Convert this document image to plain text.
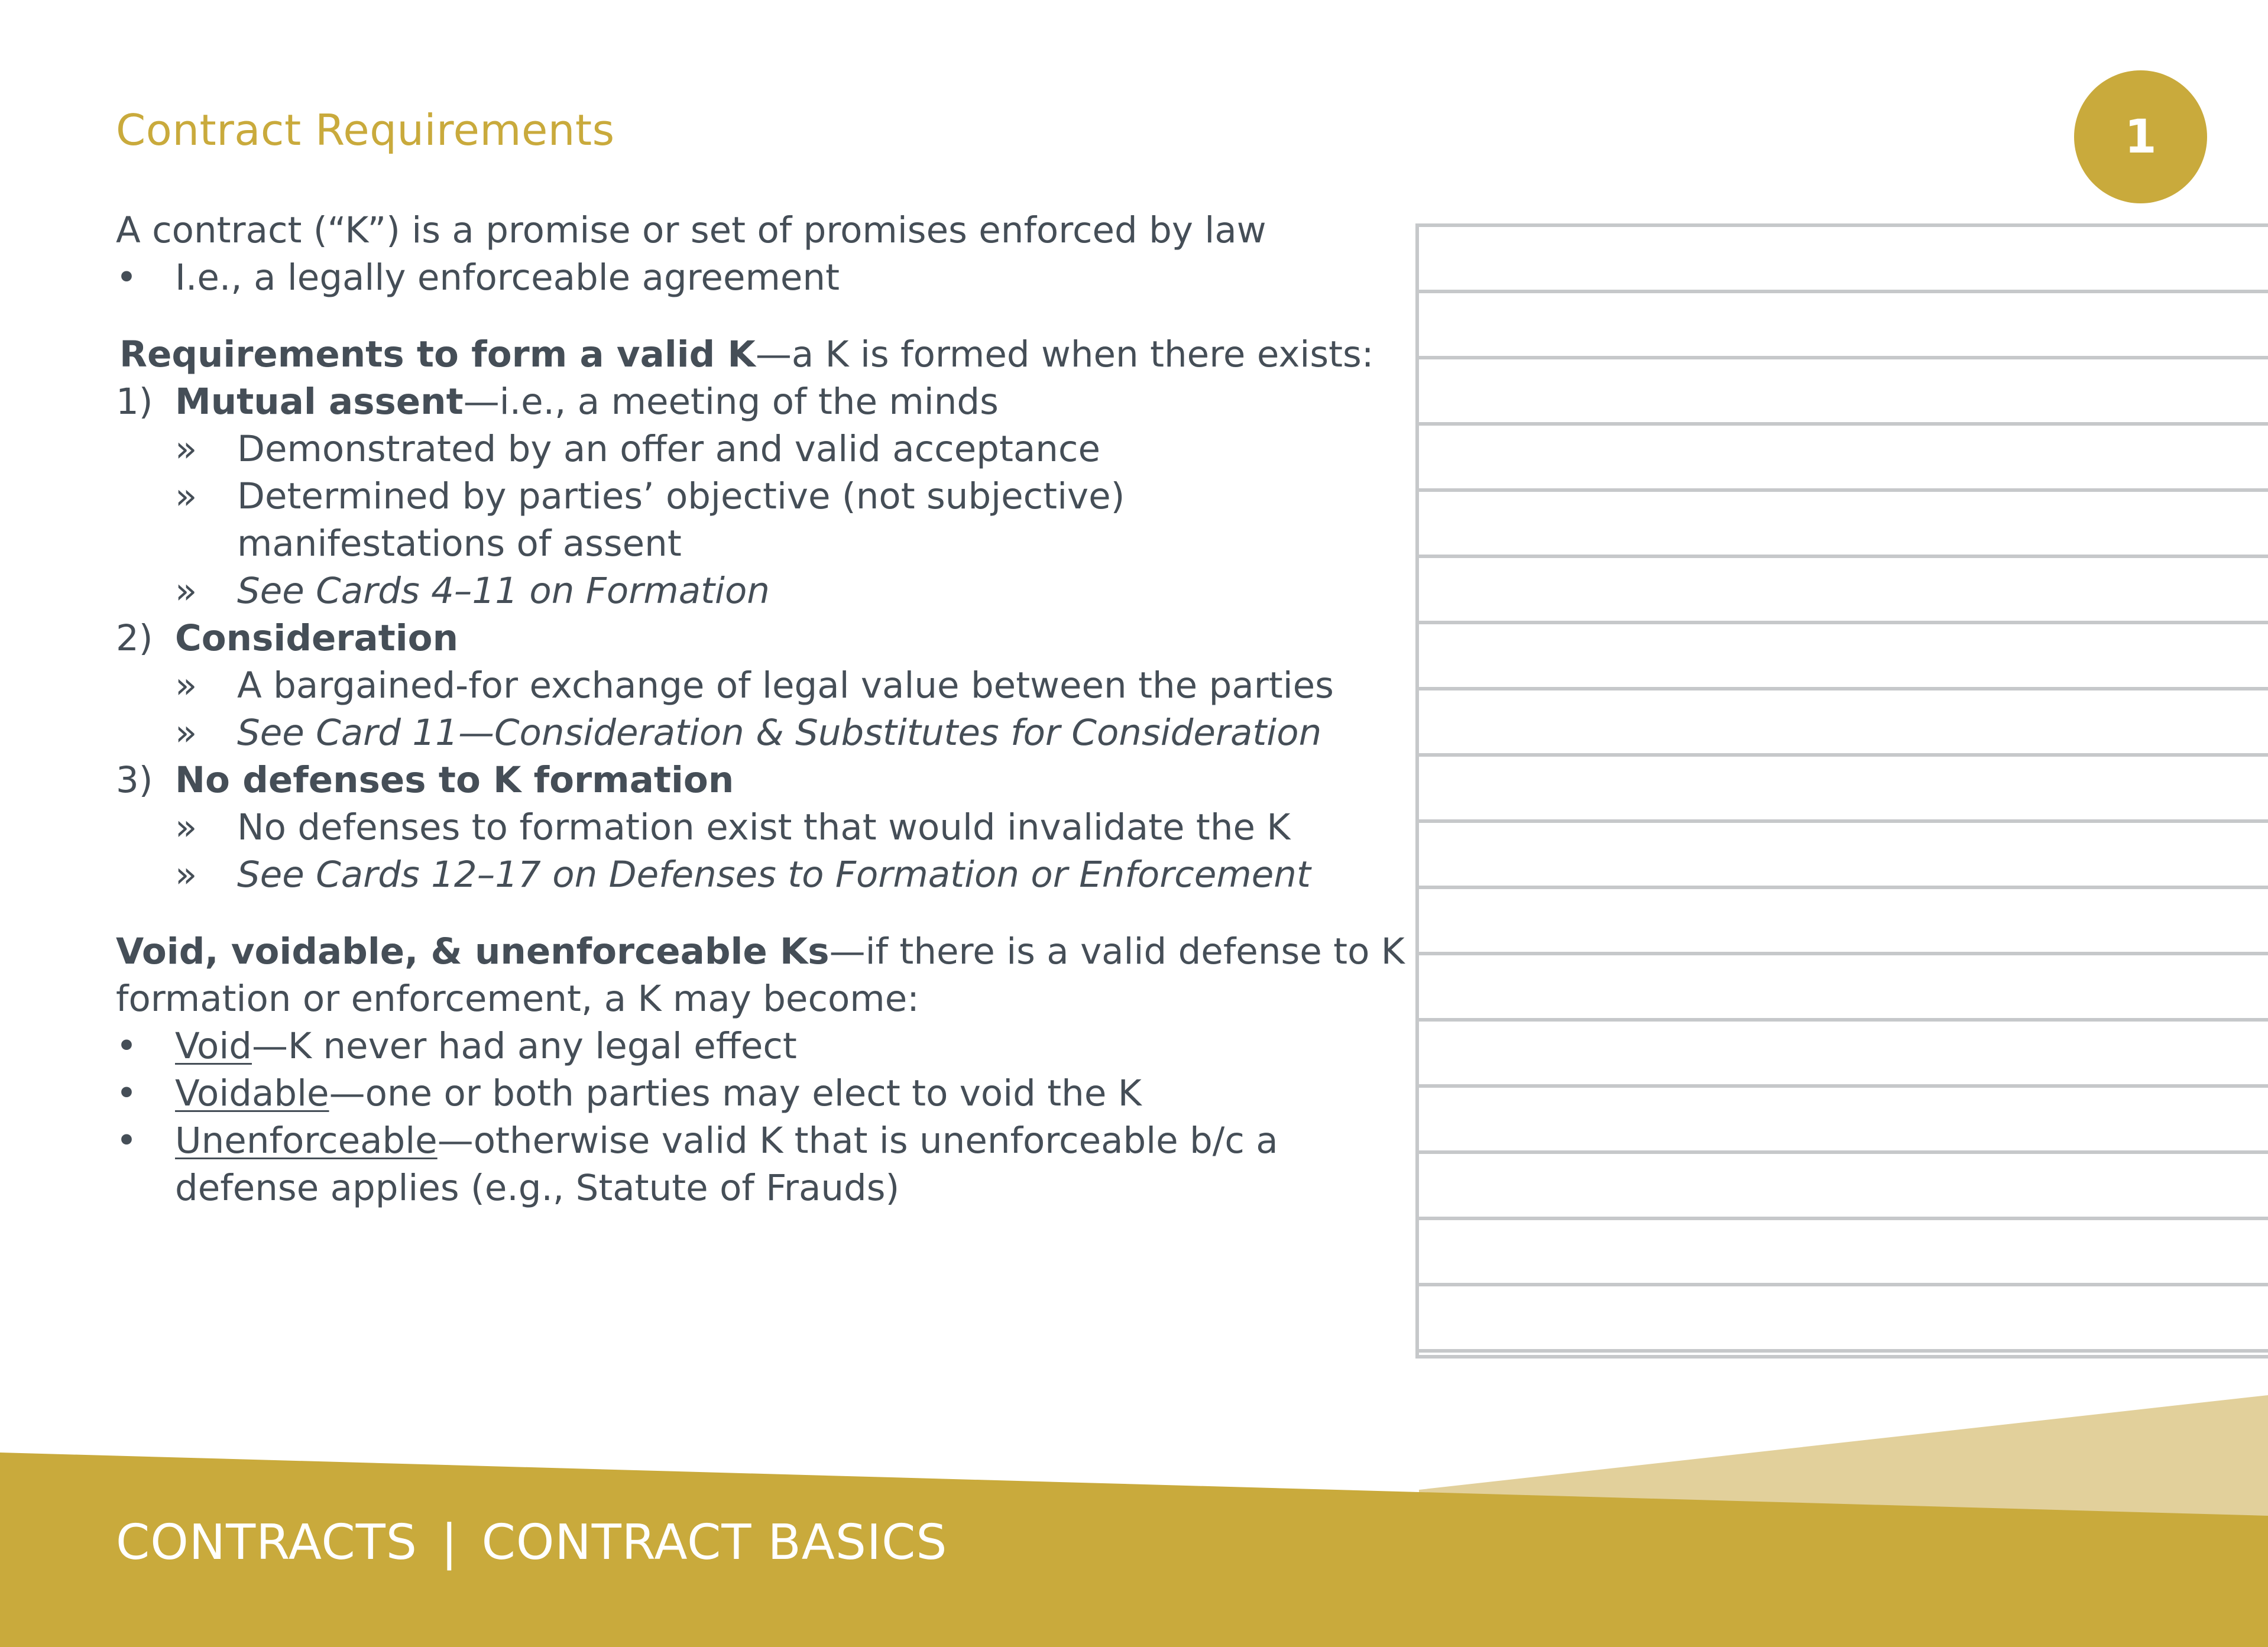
Contract Requirements	1
A contract (“K”) is a promise or set of promises enforced by law
• I.e., a legally enforceable agreement
Requirements to form a valid K—a K is formed when there exists:
1) Mutual assent—i.e., a meeting of the minds
» Demonstrated by an offer and valid acceptance
» Determined by parties’ objective (not subjective)
manifestations of assent
» See Cards 4–11 on Formation
2) Consideration
» A bargained-for exchange of legal value between the parties
» See Card 11—Consideration & Substitutes for Consideration
3) No defenses to K formation
» No defenses to formation exist that would invalidate the K
» See Cards 12–17 on Defenses to Formation or Enforcement
Void, voidable, & unenforceable Ks—if there is a valid defense to K
formation or enforcement, a K may become:
• Void—K never had any legal effect
• Voidable—one or both parties may elect to void the K
• Unenforceable—otherwise valid K that is unenforceable b/c a
defense applies (e.g., Statute of Frauds)
CONTRACTS | CONTRACT BASICS
